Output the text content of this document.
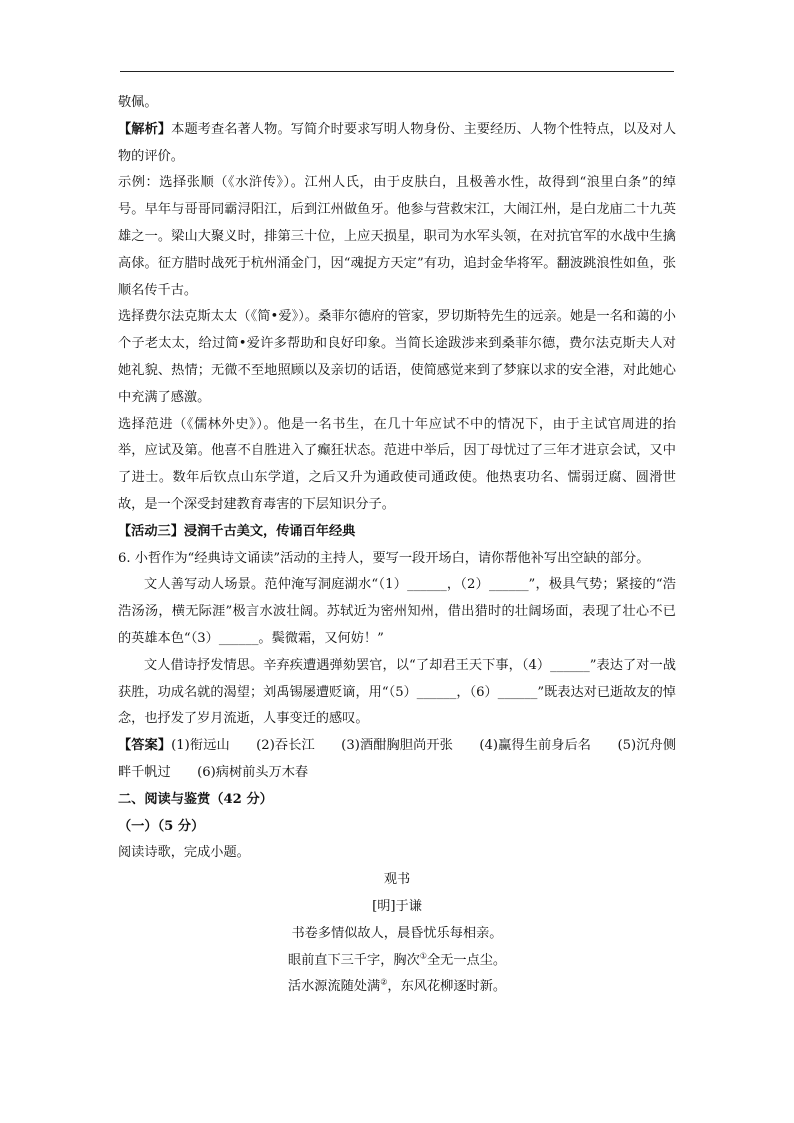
敬佩。

【解析】本题考查名著人物。写简介时要求写明人物身份、主要经历、人物个性特点，以及对人物的评价。

示例：选择张顺（《水浒传》）。江州人氏，由于皮肤白，且极善水性，故得到“浪里白条”的绰号。早年与哥哥同霸浔阳江，后到江州做鱼牙。他参与营救宋江，大闹江州，是白龙庙二十九英雄之一。梁山大聚义时，排第三十位，上应天损星，职司为水军头领，在对抗官军的水战中生擒高俅。征方腊时战死于杭州涌金门，因“魂捉方天定”有功，追封金华将军。翻波跳浪性如鱼，张顺名传千古。

选择费尔法克斯太太（《简•爱》）。桑菲尔德府的管家，罗切斯特先生的远亲。她是一名和蔼的小个子老太太，给过简•爱许多帮助和良好印象。当简长途跋涉来到桑菲尔德，费尔法克斯夫人对她礼貌、热情；无微不至地照顾以及亲切的话语，使简感觉来到了梦寐以求的安全港，对此她心中充满了感激。

选择范进（《儒林外史》）。他是一名书生，在几十年应试不中的情况下，由于主试官周进的抬举，应试及第。他喜不自胜进入了癫狂状态。范进中举后，因丁母忧过了三年才进京会试，又中了进士。数年后钦点山东学道，之后又升为通政使司通政使。他热衷功名、懦弱迂腐、圆滑世故，是一个深受封建教育毒害的下层知识分子。

【活动三】浸润千古美文，传诵百年经典

6. 小哲作为“经典诗文诵读”活动的主持人，要写一段开场白，请你帮他补写出空缺的部分。

文人善写动人场景。范仲淹写洞庭湖水“（1）______，（2）______”，极具气势；紧接的“浩浩汤汤，横无际涯”极言水波壮阔。苏轼近为密州知州，借出猎时的壮阔场面，表现了壮心不已的英雄本色“（3）______。鬓微霜，又何妨！”

文人借诗抒发情思。辛弃疾遭遇弹劾罢官，以“了却君王天下事，（4）______”表达了对一战获胜，功成名就的渴望；刘禹锡屡遭贬谪，用“（5）______，（6）______”既表达对已逝故友的悼念，也抒发了岁月流逝，人事变迁的感叹。

【答案】(1)衔远山   (2)吞长江   (3)酒酣胸胆尚开张   (4)赢得生前身后名   (5)沉舟侧畔千帆过   (6)病树前头万木春

二、阅读与鉴赏（42 分）

（一）（5 分）

阅读诗歌，完成小题。

观书

[明]于谦

书卷多情似故人，晨昏忧乐每相亲。

眼前直下三千字，胸次①全无一点尘。

活水源流随处满②，东风花柳逐时新。
